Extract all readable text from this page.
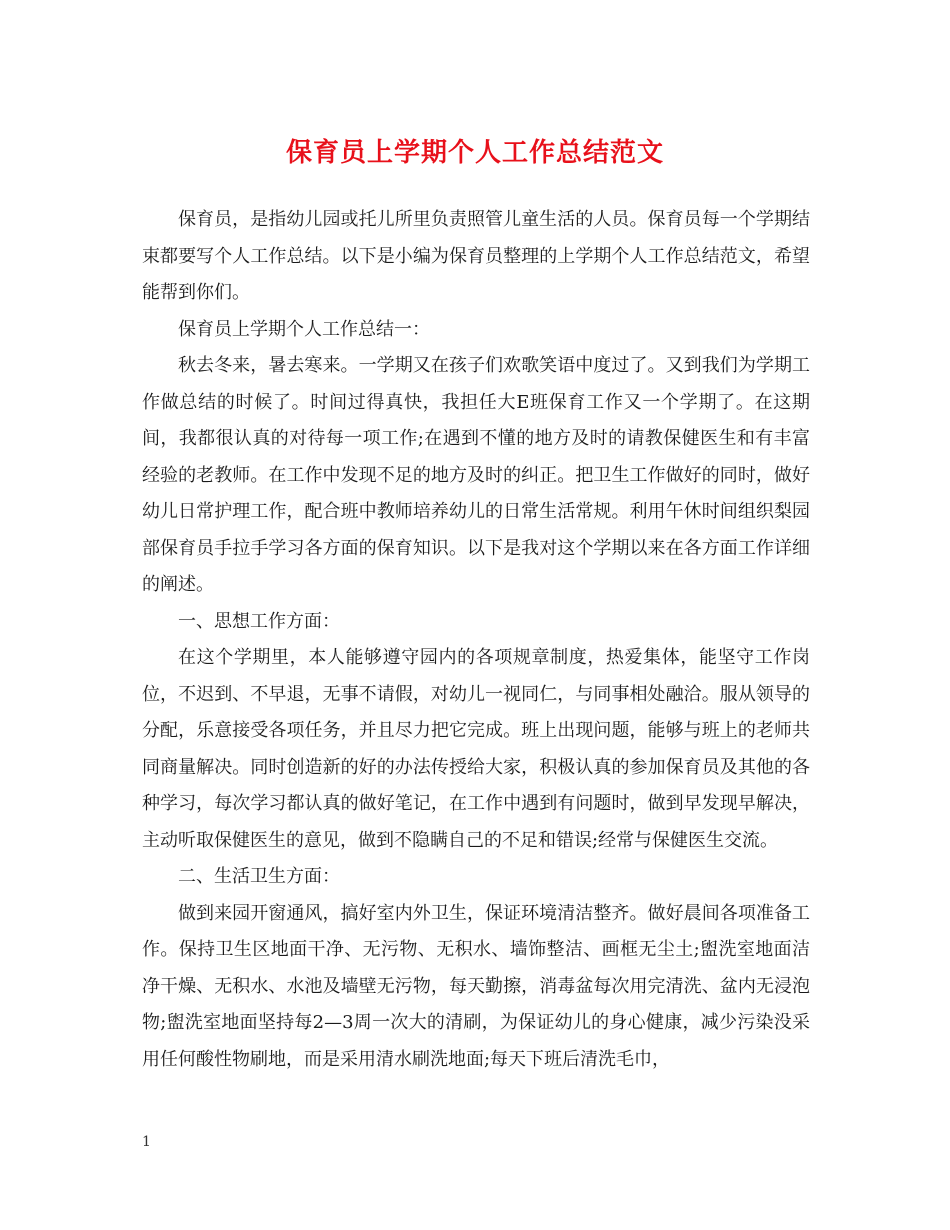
保育员上学期个人工作总结范文

保育员，是指幼儿园或托儿所里负责照管儿童生活的人员。保育员每一个学期结束都要写个人工作总结。以下是小编为保育员整理的上学期个人工作总结范文，希望能帮到你们。

保育员上学期个人工作总结一：

秋去冬来，暑去寒来。一学期又在孩子们欢歌笑语中度过了。又到我们为学期工作做总结的时候了。时间过得真快，我担任大E班保育工作又一个学期了。在这期间，我都很认真的对待每一项工作;在遇到不懂的地方及时的请教保健医生和有丰富经验的老教师。在工作中发现不足的地方及时的纠正。把卫生工作做好的同时，做好幼儿日常护理工作，配合班中教师培养幼儿的日常生活常规。利用午休时间组织梨园部保育员手拉手学习各方面的保育知识。以下是我对这个学期以来在各方面工作详细的阐述。

一、思想工作方面：

在这个学期里，本人能够遵守园内的各项规章制度，热爱集体，能坚守工作岗位，不迟到、不早退，无事不请假，对幼儿一视同仁，与同事相处融洽。服从领导的分配，乐意接受各项任务，并且尽力把它完成。班上出现问题，能够与班上的老师共同商量解决。同时创造新的好的办法传授给大家，积极认真的参加保育员及其他的各种学习，每次学习都认真的做好笔记，在工作中遇到有问题时，做到早发现早解决，主动听取保健医生的意见，做到不隐瞒自己的不足和错误;经常与保健医生交流。

二、生活卫生方面：

做到来园开窗通风，搞好室内外卫生，保证环境清洁整齐。做好晨间各项准备工作。保持卫生区地面干净、无污物、无积水、墙饰整洁、画框无尘土;盥洗室地面洁净干燥、无积水、水池及墙壁无污物，每天勤擦，消毒盆每次用完清洗、盆内无浸泡物;盥洗室地面坚持每2—3周一次大的清刷，为保证幼儿的身心健康，减少污染没采用任何酸性物刷地，而是采用清水刷洗地面;每天下班后清洗毛巾，

1
